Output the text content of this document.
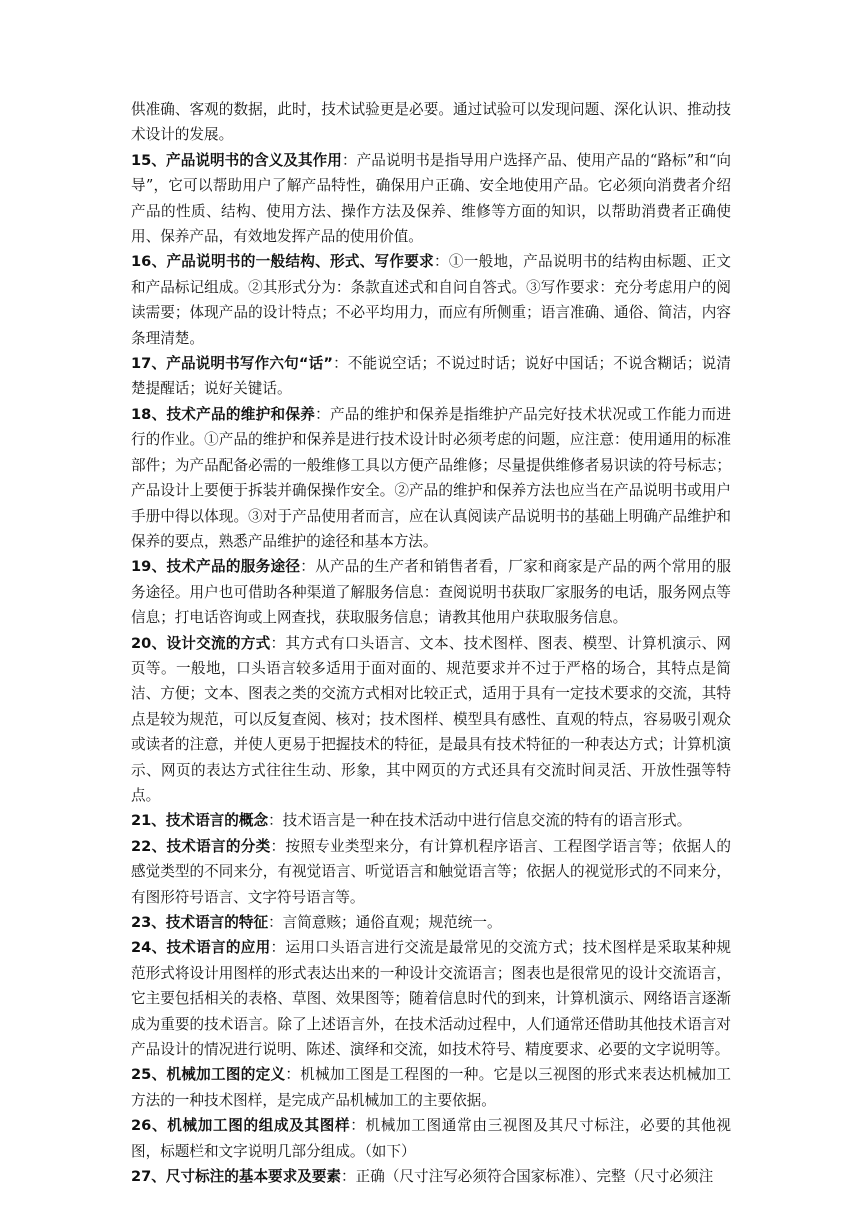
供准确、客观的数据，此时，技术试验更是必要。通过试验可以发现问题、深化认识、推动技术设计的发展。

15、产品说明书的含义及其作用：产品说明书是指导用户选择产品、使用产品的“路标”和“向导”，它可以帮助用户了解产品特性，确保用户正确、安全地使用产品。它必须向消费者介绍产品的性质、结构、使用方法、操作方法及保养、维修等方面的知识，以帮助消费者正确使用、保养产品，有效地发挥产品的使用价值。

16、产品说明书的一般结构、形式、写作要求：①一般地，产品说明书的结构由标题、正文和产品标记组成。②其形式分为：条款直述式和自问自答式。③写作要求：充分考虑用户的阅读需要；体现产品的设计特点；不必平均用力，而应有所侧重；语言准确、通俗、简洁，内容条理清楚。

17、产品说明书写作六句“话”：不能说空话；不说过时话；说好中国话；不说含糊话；说清楚提醒话；说好关键话。

18、技术产品的维护和保养：产品的维护和保养是指维护产品完好技术状况或工作能力而进行的作业。①产品的维护和保养是进行技术设计时必须考虑的问题，应注意：使用通用的标准部件；为产品配备必需的一般维修工具以方便产品维修；尽量提供维修者易识读的符号标志；产品设计上要便于拆装并确保操作安全。②产品的维护和保养方法也应当在产品说明书或用户手册中得以体现。③对于产品使用者而言，应在认真阅读产品说明书的基础上明确产品维护和保养的要点，熟悉产品维护的途径和基本方法。

19、技术产品的服务途径：从产品的生产者和销售者看，厂家和商家是产品的两个常用的服务途径。用户也可借助各种渠道了解服务信息：查阅说明书获取厂家服务的电话，服务网点等信息；打电话咨询或上网查找，获取服务信息；请教其他用户获取服务信息。

20、设计交流的方式：其方式有口头语言、文本、技术图样、图表、模型、计算机演示、网页等。一般地，口头语言较多适用于面对面的、规范要求并不过于严格的场合，其特点是简洁、方便；文本、图表之类的交流方式相对比较正式，适用于具有一定技术要求的交流，其特点是较为规范，可以反复查阅、核对；技术图样、模型具有感性、直观的特点，容易吸引观众或读者的注意，并使人更易于把握技术的特征，是最具有技术特征的一种表达方式；计算机演示、网页的表达方式往往生动、形象，其中网页的方式还具有交流时间灵活、开放性强等特点。

21、技术语言的概念：技术语言是一种在技术活动中进行信息交流的特有的语言形式。

22、技术语言的分类：按照专业类型来分，有计算机程序语言、工程图学语言等；依据人的感觉类型的不同来分，有视觉语言、听觉语言和触觉语言等；依据人的视觉形式的不同来分，有图形符号语言、文字符号语言等。

23、技术语言的特征：言简意赅；通俗直观；规范统一。

24、技术语言的应用：运用口头语言进行交流是最常见的交流方式；技术图样是采取某种规范形式将设计用图样的形式表达出来的一种设计交流语言；图表也是很常见的设计交流语言，它主要包括相关的表格、草图、效果图等；随着信息时代的到来，计算机演示、网络语言逐渐成为重要的技术语言。除了上述语言外，在技术活动过程中，人们通常还借助其他技术语言对产品设计的情况进行说明、陈述、演绎和交流，如技术符号、精度要求、必要的文字说明等。

25、机械加工图的定义：机械加工图是工程图的一种。它是以三视图的形式来表达机械加工方法的一种技术图样，是完成产品机械加工的主要依据。

26、机械加工图的组成及其图样：机械加工图通常由三视图及其尺寸标注，必要的其他视图，标题栏和文字说明几部分组成。（如下）

27、尺寸标注的基本要求及要素：正确（尺寸注写必须符合国家标准）、完整（尺寸必须注
